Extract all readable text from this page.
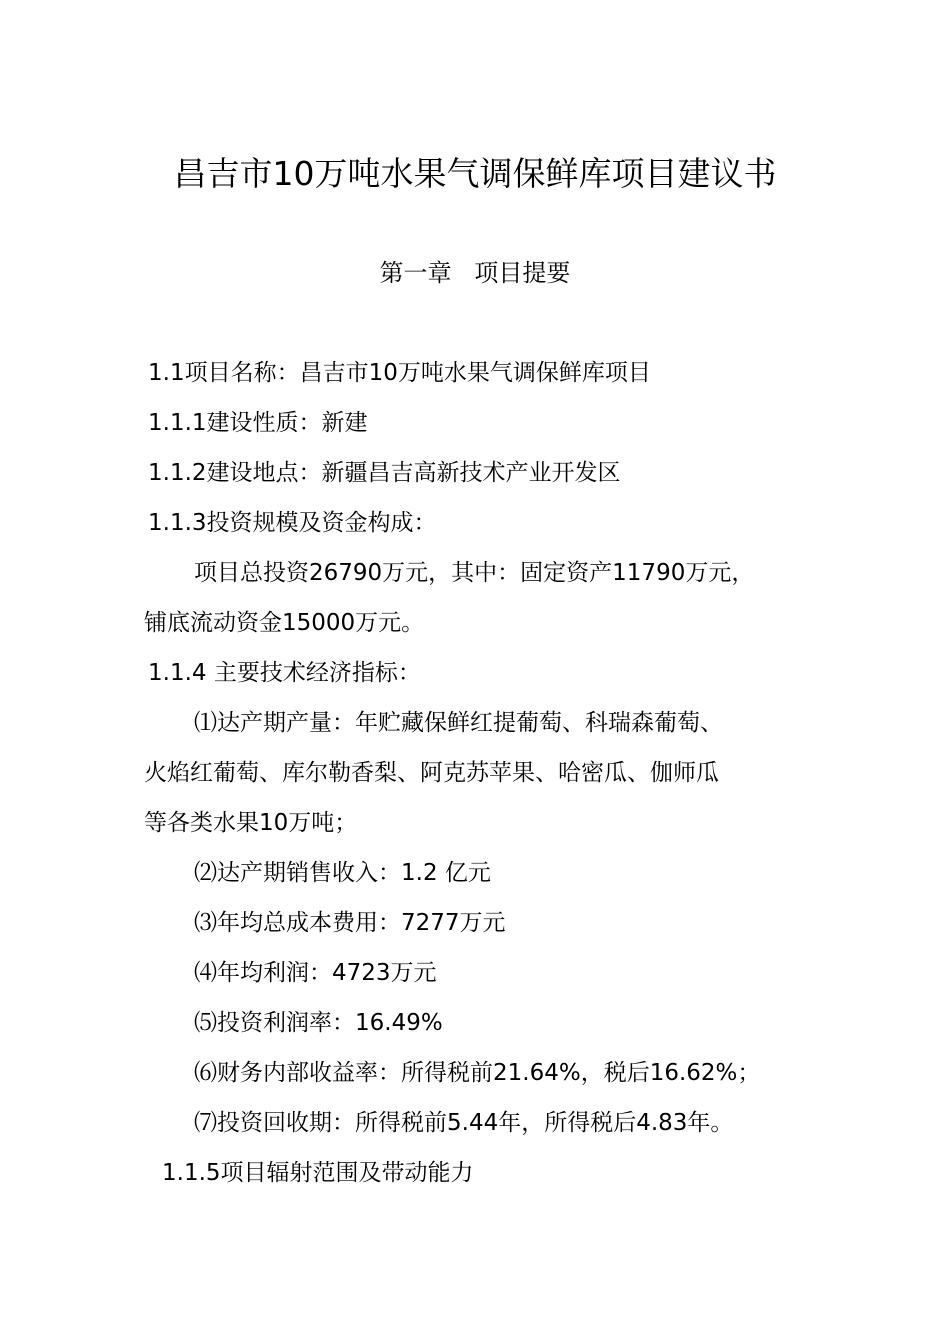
昌吉市10万吨水果气调保鲜库项目建议书
第一章   项目提要
1.1项目名称：昌吉市10万吨水果气调保鲜库项目
1.1.1建设性质：新建
1.1.2建设地点：新疆昌吉高新技术产业开发区
1.1.3投资规模及资金构成：
项目总投资26790万元，其中：固定资产11790万元，
铺底流动资金15000万元。
1.1.4 主要技术经济指标：
⑴达产期产量：年贮藏保鲜红提葡萄、科瑞森葡萄、
火焰红葡萄、库尔勒香梨、阿克苏苹果、哈密瓜、伽师瓜
等各类水果10万吨；
⑵达产期销售收入：1.2 亿元
⑶年均总成本费用：7277万元
⑷年均利润：4723万元
⑸投资利润率：16.49%
⑹财务内部收益率：所得税前21.64%，税后16.62%；
⑺投资回收期：所得税前5.44年，所得税后4.83年。
1.1.5项目辐射范围及带动能力
